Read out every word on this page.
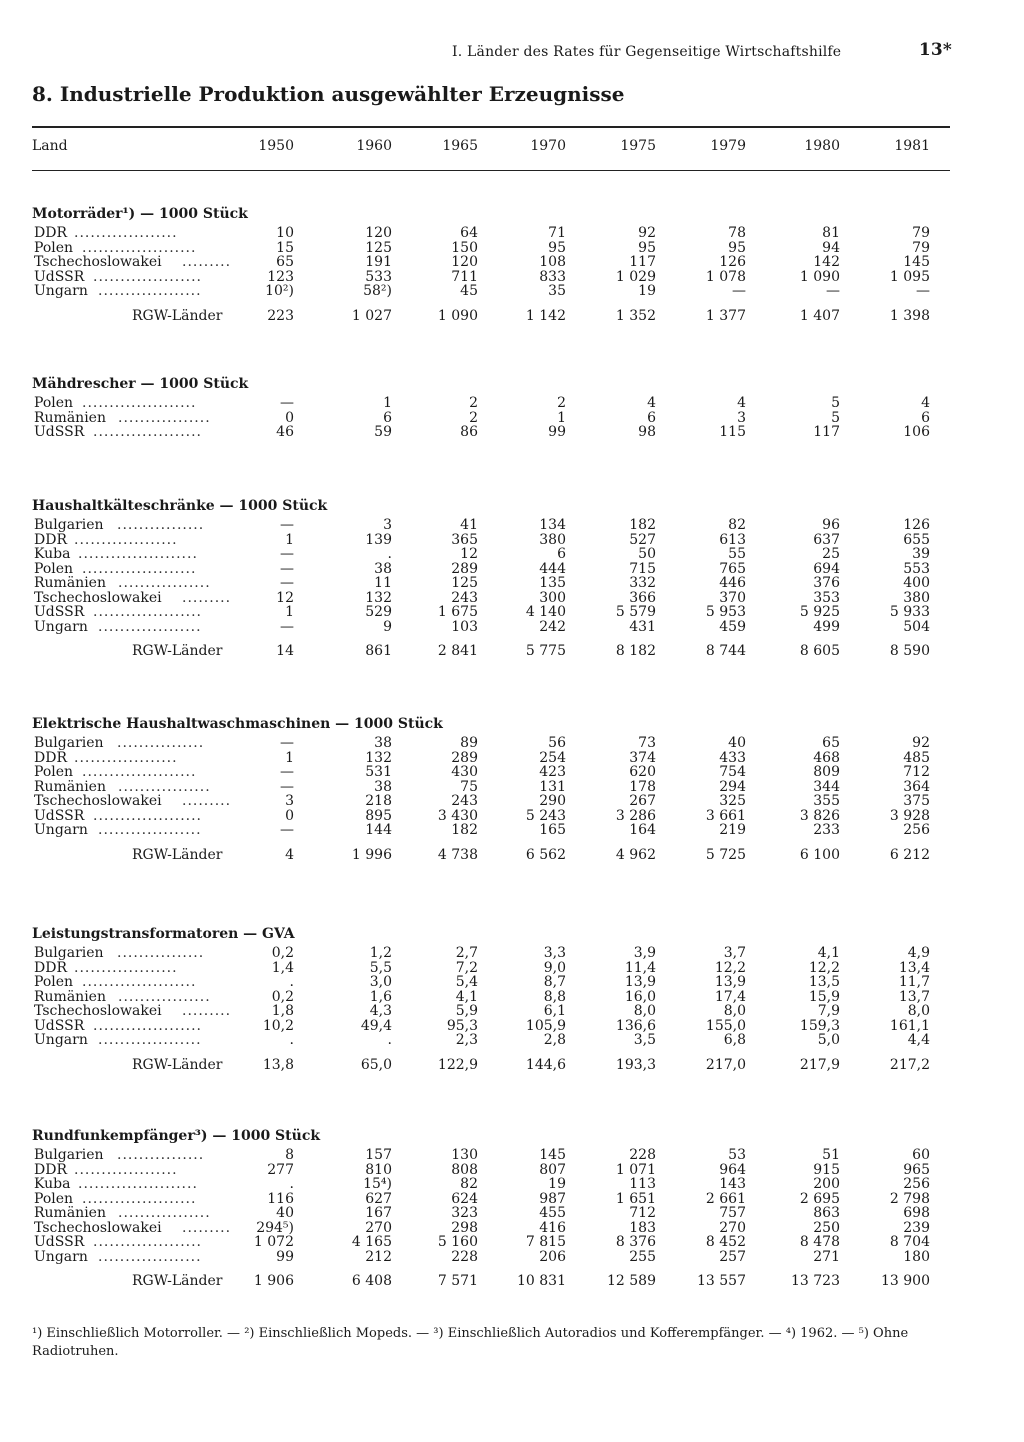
I. Länder des Rates für Gegenseitige Wirtschaftshilfe	13*
8. Industrielle Produktion ausgewählter Erzeugnisse
Land	1950	1960	1965	1970	1975	1979	1980	1981
Motorräder¹) — 1000 Stück
DDR ...................	10	120	64	71	92	78	81	79
Polen .....................	15	125	150	95	95	95	94	79
Tschechoslowakei .........	65	191	120	108	117	126	142	145
UdSSR ....................	123	533	711	833	1 029	1 078	1 090	1 095
Ungarn ...................	10²)	58²)	45	35	19	—	—	—
RGW-Länder	223	1 027	1 090	1 142	1 352	1 377	1 407	1 398
Mähdrescher — 1000 Stück
Polen .....................	—	1	2	2	4	4	5	4
Rumänien .................	0	6	2	1	6	3	5	6
UdSSR ....................	46	59	86	99	98	115	117	106
Haushaltkälteschränke — 1000 Stück
Bulgarien ................	—	3	41	134	182	82	96	126
DDR ...................	1	139	365	380	527	613	637	655
Kuba ......................	—	.	12	6	50	55	25	39
Polen .....................	—	38	289	444	715	765	694	553
Rumänien .................	—	11	125	135	332	446	376	400
Tschechoslowakei .........	12	132	243	300	366	370	353	380
UdSSR ....................	1	529	1 675	4 140	5 579	5 953	5 925	5 933
Ungarn ...................	—	9	103	242	431	459	499	504
RGW-Länder	14	861	2 841	5 775	8 182	8 744	8 605	8 590
Elektrische Haushaltwaschmaschinen — 1000 Stück
Bulgarien ................	—	38	89	56	73	40	65	92
DDR ...................	1	132	289	254	374	433	468	485
Polen .....................	—	531	430	423	620	754	809	712
Rumänien .................	—	38	75	131	178	294	344	364
Tschechoslowakei .........	3	218	243	290	267	325	355	375
UdSSR ....................	0	895	3 430	5 243	3 286	3 661	3 826	3 928
Ungarn ...................	—	144	182	165	164	219	233	256
RGW-Länder	4	1 996	4 738	6 562	4 962	5 725	6 100	6 212
Leistungstransformatoren — GVA
Bulgarien ................	0,2	1,2	2,7	3,3	3,9	3,7	4,1	4,9
DDR ...................	1,4	5,5	7,2	9,0	11,4	12,2	12,2	13,4
Polen .....................	.	3,0	5,4	8,7	13,9	13,9	13,5	11,7
Rumänien .................	0,2	1,6	4,1	8,8	16,0	17,4	15,9	13,7
Tschechoslowakei .........	1,8	4,3	5,9	6,1	8,0	8,0	7,9	8,0
UdSSR ....................	10,2	49,4	95,3	105,9	136,6	155,0	159,3	161,1
Ungarn ...................	.	.	2,3	2,8	3,5	6,8	5,0	4,4
RGW-Länder	13,8	65,0	122,9	144,6	193,3	217,0	217,9	217,2
Rundfunkempfänger³) — 1000 Stück
Bulgarien ................	8	157	130	145	228	53	51	60
DDR ...................	277	810	808	807	1 071	964	915	965
Kuba ......................	.	15⁴)	82	19	113	143	200	256
Polen .....................	116	627	624	987	1 651	2 661	2 695	2 798
Rumänien .................	40	167	323	455	712	757	863	698
Tschechoslowakei .........	294⁵)	270	298	416	183	270	250	239
UdSSR ....................	1 072	4 165	5 160	7 815	8 376	8 452	8 478	8 704
Ungarn ...................	99	212	228	206	255	257	271	180
RGW-Länder	1 906	6 408	7 571	10 831	12 589	13 557	13 723	13 900
¹) Einschließlich Motorroller. — ²) Einschließlich Mopeds. — ³) Einschließlich Autoradios und Kofferempfänger. — ⁴) 1962. — ⁵) Ohne Radiotruhen.
